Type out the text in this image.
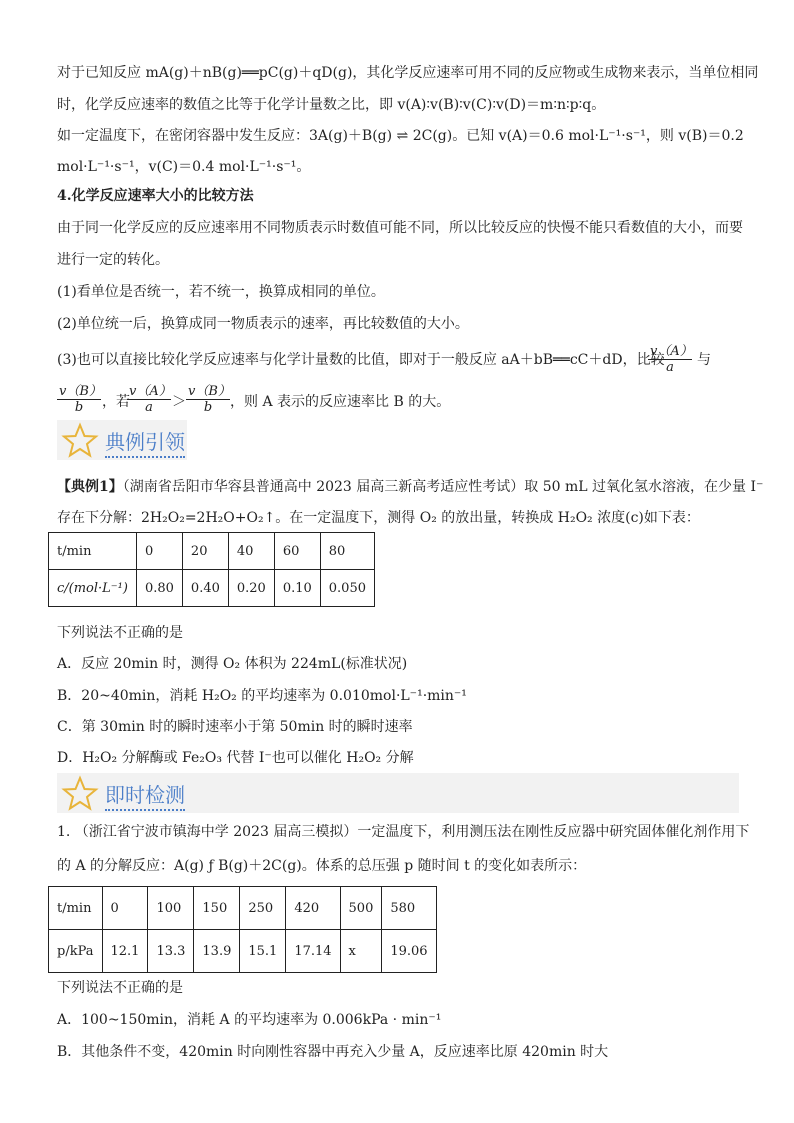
对于已知反应 mA(g)＋nB(g)══pC(g)＋qD(g)，其化学反应速率可用不同的反应物或生成物来表示，当单位相同
时，化学反应速率的数值之比等于化学计量数之比，即 v(A)∶v(B)∶v(C)∶v(D)＝m∶n∶p∶q。
如一定温度下，在密闭容器中发生反应：3A(g)＋B(g) ⇌ 2C(g)。已知 v(A)＝0.6 mol·L⁻¹·s⁻¹，则 v(B)＝0.2
mol·L⁻¹·s⁻¹，v(C)＝0.4 mol·L⁻¹·s⁻¹。
4.化学反应速率大小的比较方法
由于同一化学反应的反应速率用不同物质表示时数值可能不同，所以比较反应的快慢不能只看数值的大小，而要
进行一定的转化。
(1)看单位是否统一，若不统一，换算成相同的单位。
(2)单位统一后，换算成同一物质表示的速率，再比较数值的大小。
(3)也可以直接比较化学反应速率与化学计量数的比值，即对于一般反应 aA＋bB══cC＋dD，比较
$\frac{v(A)}{a}$ 与
$\frac{v(B)}{b}$ ，若
$\frac{v(A)}{a} > \frac{v(B)}{b}$ ，则 A 表示的反应速率比 B 的大。
典例引领
【典例1】（湖南省岳阳市华容县普通高中 2023 届高三新高考适应性考试）取 50 mL 过氧化氢水溶液，在少量 I⁻
存在下分解：2H₂O₂=2H₂O+O₂↑。在一定温度下，测得 O₂ 的放出量，转换成 H₂O₂ 浓度(c)如下表：
t/min	0	20	40	60	80
c/(mol·L⁻¹)	0.80	0.40	0.20	0.10	0.050
下列说法不正确的是
A．反应 20min 时，测得 O₂ 体积为 224mL(标准状况)
B．20~40min，消耗 H₂O₂ 的平均速率为 0.010mol·L⁻¹·min⁻¹
C．第 30min 时的瞬时速率小于第 50min 时的瞬时速率
D．H₂O₂ 分解酶或 Fe₂O₃ 代替 I⁻也可以催化 H₂O₂ 分解
即时检测
1. （浙江省宁波市镇海中学 2023 届高三模拟）一定温度下，利用测压法在刚性反应器中研究固体催化剂作用下
的 A 的分解反应：A(g) ƒ B(g)＋2C(g)。体系的总压强 p 随时间 t 的变化如表所示：
t/min	0	100	150	250	420	500	580
p/kPa	12.1	13.3	13.9	15.1	17.14	x	19.06
下列说法不正确的是
A．100~150min，消耗 A 的平均速率为 0.006kPa · min⁻¹
B．其他条件不变，420min 时向刚性容器中再充入少量 A，反应速率比原 420min 时大
